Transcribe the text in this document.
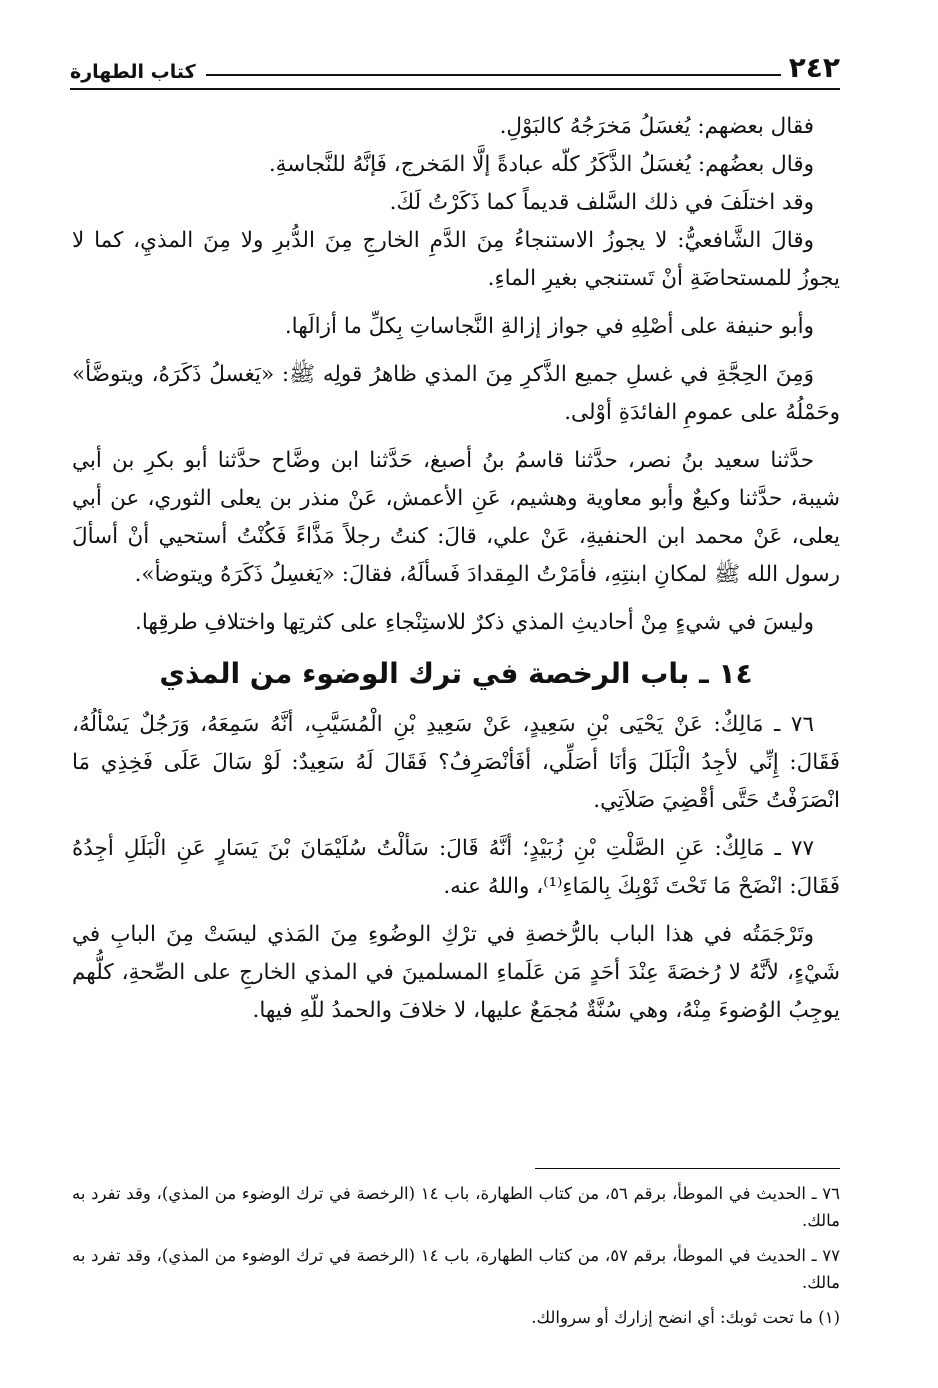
٢٤٢
كتاب الطهارة

فقال بعضهم: يُغسَلُ مَخرَجُهُ كالبَوْلِ.

وقال بعضُهم: يُغسَلُ الذَّكَرُ كلّه عبادةً إلَّا المَخرج، فَإنَّهُ للنَّجاسةِ.

وقد اختلَفَ في ذلك السَّلف قديماً كما ذَكَرْتُ لَكَ.

وقالَ الشَّافعيُّ: لا يجوزُ الاستنجاءُ مِنَ الدَّمِ الخارجِ مِنَ الدُّبرِ ولا مِنَ المذيِ، كما لا يجوزُ للمستحاضَةِ أنْ تَستنجي بغيرِ الماءِ.

وأبو حنيفة على أصْلِهِ في جواز إزالةِ النَّجاساتِ بِكلِّ ما أزالَها.

وَمِنَ الحِجَّةِ في غسلِ جميع الذَّكرِ مِنَ المذي ظاهرُ قولِه ﷺ: «يَغسلُ ذَكَرَهُ، ويتوضَّأ» وحَمْلُهُ على عمومِ الفائدَةِ أوْلى.

حدَّثنا سعيد بنُ نصر، حدَّثنا قاسمُ بنُ أصبغ، حَدَّثنا ابن وضَّاح حدَّثنا أبو بكرِ بن أبي شيبة، حدَّثنا وكيعٌ وأبو معاوية وهشيم، عَنِ الأعمش، عَنْ منذر بن يعلى الثوري، عن أبي يعلى، عَنْ محمد ابن الحنفيةِ، عَنْ علي، قالَ: كنتُ رجلاً مَذَّاءً فَكُنْتُ أستحيي أنْ أسألَ رسول الله ﷺ لمكانِ ابنتِهِ، فأمَرْتُ المِقدادَ فَسألَهُ، فقالَ: «يَغسِلُ ذَكَرَهُ ويتوضأ».

وليسَ في شيءٍ مِنْ أحاديثِ المذي ذكرٌ للاستِنْجاءِ على كثرتِها واختلافِ طرقِها.

١٤ ـ باب الرخصة في ترك الوضوء من المذي

٧٦ ـ مَالِكٌ: عَنْ يَحْيَى بْنِ سَعِيدٍ، عَنْ سَعِيدِ بْنِ الْمُسَيَّبِ، أنَّهُ سَمِعَهُ، وَرَجُلٌ يَسْألُهُ، فَقَالَ: إِنِّي لأجِدُ الْبَلَلَ وَأنَا أصَلِّي، أفَأنْصَرِفُ؟ فَقَالَ لَهُ سَعِيدٌ: لَوْ سَالَ عَلَى فَخِذِي مَا انْصَرَفْتُ حَتَّى أقْضِيَ صَلاَتِي.

٧٧ ـ مَالِكٌ: عَنِ الصَّلْتِ بْنِ زُبَيْدٍ؛ أنَّهُ قَالَ: سَألْتُ سُلَيْمَانَ بْنَ يَسَارٍ عَنِ الْبَلَلِ أجِدُهُ فَقَالَ: انْضَحْ مَا تَحْتَ ثَوْبِكَ بِالمَاءِ⁽¹⁾، واللهُ عنه.

وتَرْجَمَتُه في هذا الباب بالرُّخصةِ في ترْكِ الوضُوءِ مِنَ المَذي ليسَتْ مِنَ البابِ في شَيْءٍ، لأنَّهُ لا رُخصَةَ عِنْدَ أحَدٍ مَن عَلَماءِ المسلمينَ في المذي الخارجِ على الصِّحةِ، كلُّهم يوجِبُ الوُضوءَ مِنْهُ، وهي سُنَّةٌ مُجمَعٌ عليها، لا خلافَ والحمدُ للّهِ فيها.

٧٦ ـ الحديث في الموطأ، برقم ٥٦، من كتاب الطهارة، باب ١٤ (الرخصة في ترك الوضوء من المذي)، وقد تفرد به مالك.

٧٧ ـ الحديث في الموطأ، برقم ٥٧، من كتاب الطهارة، باب ١٤ (الرخصة في ترك الوضوء من المذي)، وقد تفرد به مالك.

(١) ما تحت ثوبك: أي انضح إزارك أو سروالك.
